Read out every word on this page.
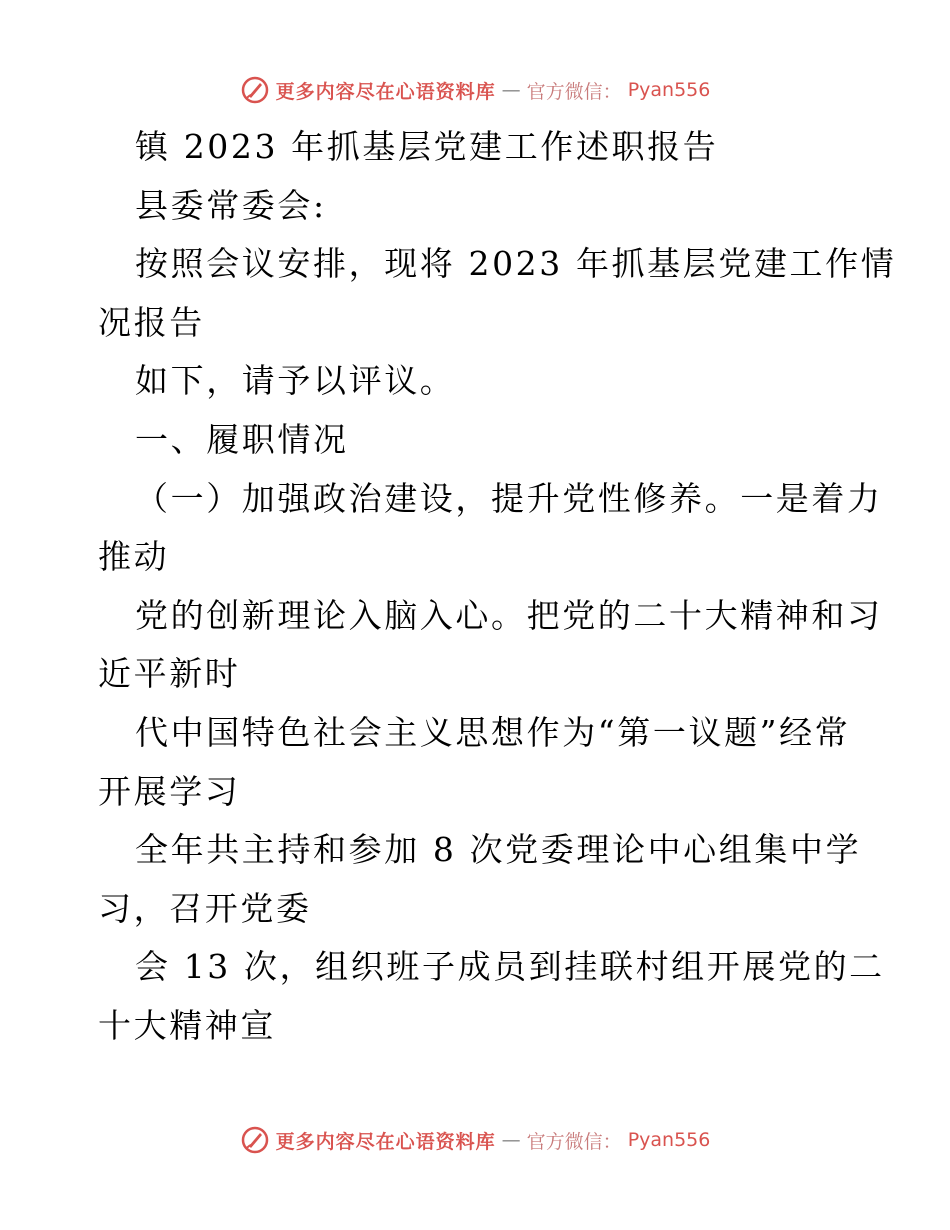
更多内容尽在心语资料库 — 官方微信： Pyan556
镇 2023 年抓基层党建工作述职报告
县委常委会:
按照会议安排，现将 2023 年抓基层党建工作情
况报告
如下，请予以评议。
一、履职情况
（一）加强政治建设，提升党性修养。一是着力
推动
党的创新理论入脑入心。把党的二十大精神和习
近平新时
代中国特色社会主义思想作为“第一议题”经常
开展学习
全年共主持和参加 8 次党委理论中心组集中学
习，召开党委
会 13 次，组织班子成员到挂联村组开展党的二
十大精神宣
更多内容尽在心语资料库 — 官方微信： Pyan556
